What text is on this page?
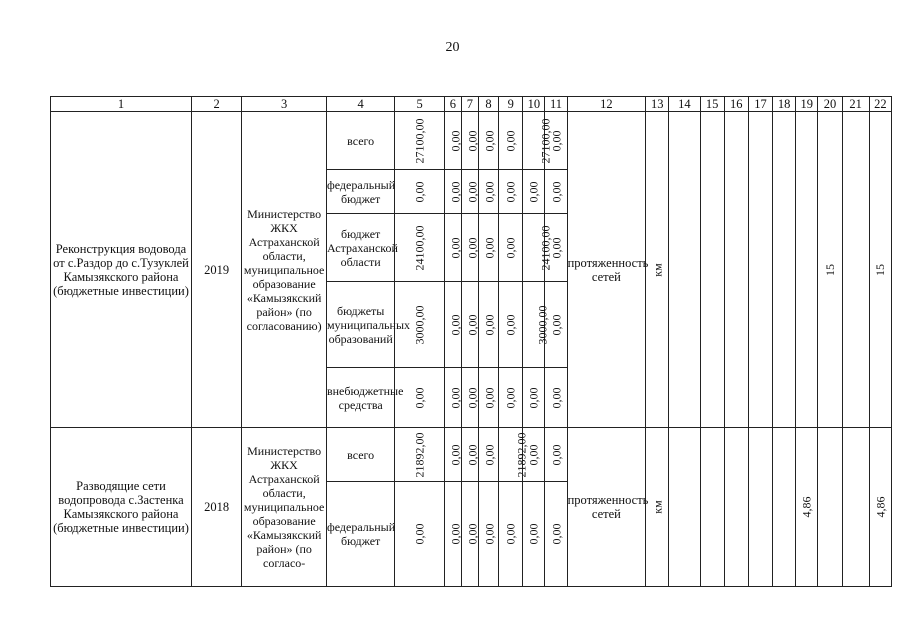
20
1	2	3	4	5	6	7	8	9	10	11	12	13	14	15	16	17	18	19	20	21	22
Реконструкция водовода от с.Раздор до с.Тузуклей Камызякского района (бюджетные инвестиции)	2019	Министерство ЖКХ Астраханской области, муниципальное образование «Камызякский район» (по согласованию)	всего	27100,00	0,00	0,00	0,00	0,00	27100,00	0,00	протяженность сетей	км							15		15
			федеральный бюджет	0,00	0,00	0,00	0,00	0,00	0,00	0,00											
			бюджет Астраханской области	24100,00	0,00	0,00	0,00	0,00	24100,00	0,00											
			бюджеты муниципальных образований	3000,00	0,00	0,00	0,00	0,00	3000,00	0,00											
			внебюджетные средства	0,00	0,00	0,00	0,00	0,00	0,00	0,00											
Разводящие сети водопровода с.Застенка Камызякского района (бюджетные инвестиции)	2018	Министерство ЖКХ Астраханской области, муниципальное образование «Камызякский район» (по согласо-	всего	21892,00	0,00	0,00	0,00	21892,00	0,00	0,00	протяженность сетей	км						4,86			4,86
			федеральный бюджет	0,00	0,00	0,00	0,00	0,00	0,00	0,00											
